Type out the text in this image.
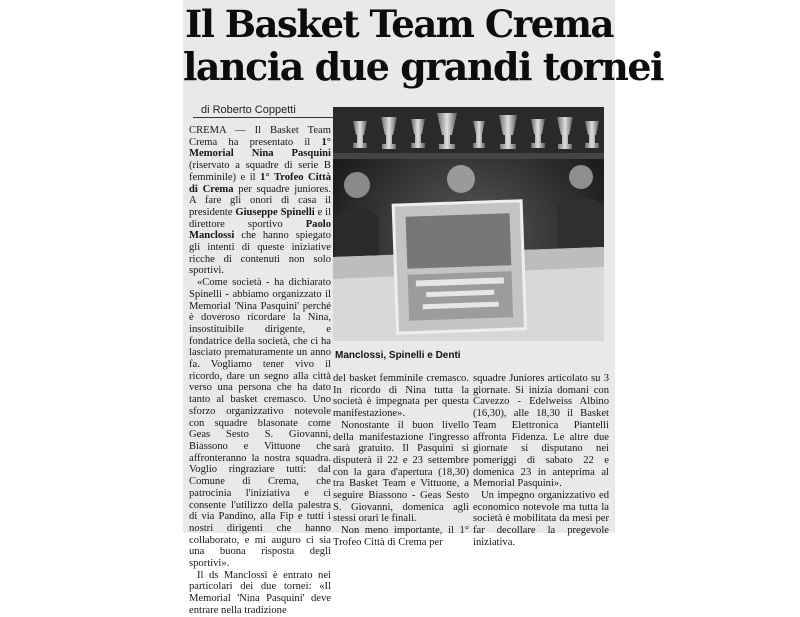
Il Basket Team Crema
lancia due grandi tornei
di Roberto Coppetti

CREMA — Il Basket Team Crema ha presentato il 1° Memorial Nina Pasquini (riservato a squadre di serie B femminile) e il 1° Trofeo Città di Crema per squadre juniores. A fare gli onori di casa il presidente Giuseppe Spinelli e il direttore sportivo Paolo Manclossi che hanno spiegato gli intenti di queste iniziative ricche di contenuti non solo sportivi.

«Come società - ha dichiarato Spinelli - abbiamo organizzato il Memorial 'Nina Pasquini' perché è doveroso ricordare la Nina, insostituibile dirigente, e fondatrice della società, che ci ha lasciato prematuramente un anno fa. Vogliamo tener vivo il ricordo, dare un segno alla città verso una persona che ha dato tanto al basket cremasco. Uno sforzo organizzativo notevole con squadre blasonate come Geas Sesto S. Giovanni, Biassono e Vittuone che affronteranno la nostra squadra. Voglio ringraziare tutti: dal Comune di Crema, che patrocinia l'iniziativa e ci consente l'utilizzo della palestra di via Pandino, alla Fip e tutti i nostri dirigenti che hanno collaborato, e mi auguro ci sia una buona risposta degli sportivi».

Il ds Manclossi è entrato nei particolari dei due tornei: «Il Memorial 'Nina Pasquini' deve entrare nella tradizione

Manclossi, Spinelli e Denti

del basket femminile cremasco. In ricordo di Nina tutta la società è impegnata per questa manifestazione».

Nonostante il buon livello della manifestazione l'ingresso sarà gratuito. Il Pasquini si disputerà il 22 e 23 settembre con la gara d'apertura (18,30) tra Basket Team e Vittuone, a seguire Biassono - Geas Sesto S. Giovanni, domenica agli stessi orari le finali.

Non meno importante, il 1° Trofeo Città di Crema per

squadre Juniores articolato su 3 giornate. Si inizia domani con Cavezzo - Edelweiss Albino (16,30), alle 18,30 il Basket Team Elettronica Piantelli affronta Fidenza. Le altre due giornate si disputano nei pomeriggi di sabato 22 e domenica 23 in anteprima al Memorial Pasquini».

Un impegno organizzativo ed economico notevole ma tutta la società è mobilitata da mesi per far decollare la pregevole iniziativa.
